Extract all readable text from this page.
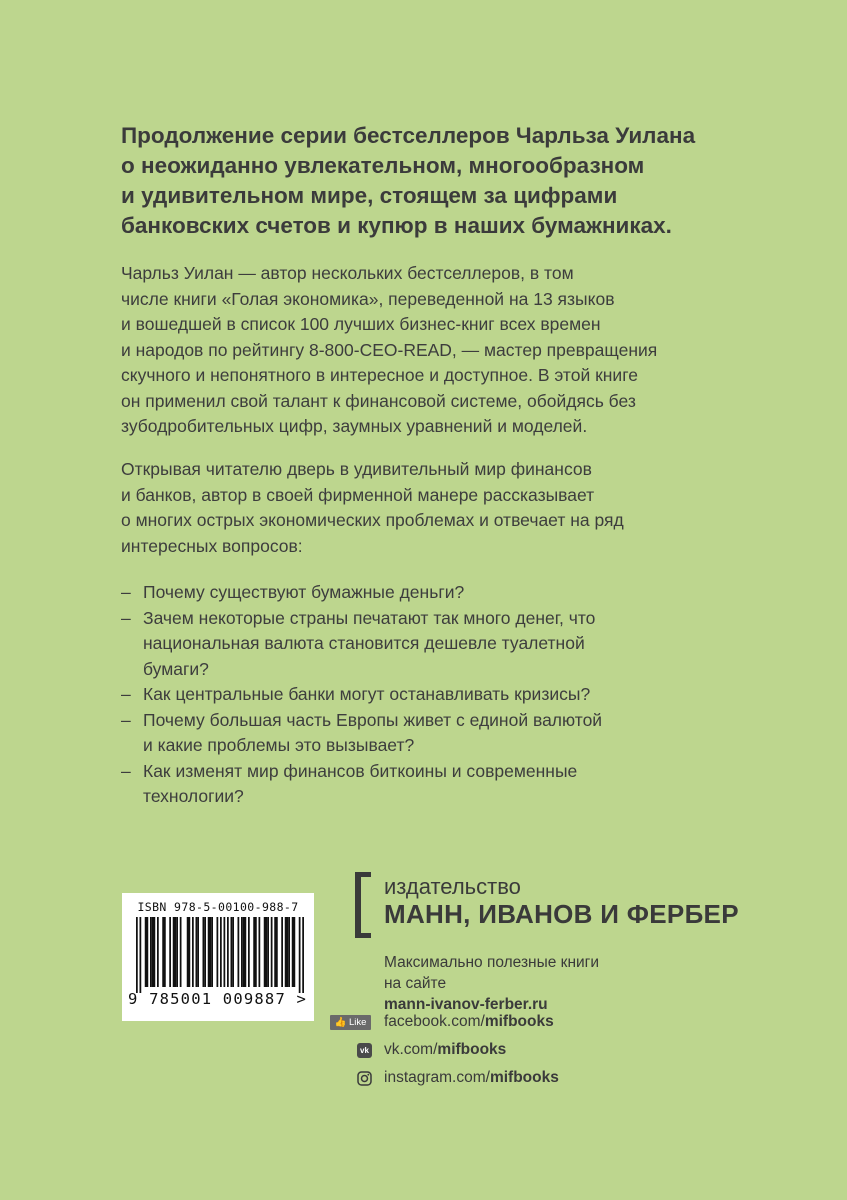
Продолжение серии бестселлеров Чарльза Уилана
о неожиданно увлекательном, многообразном
и удивительном мире, стоящем за цифрами
банковских счетов и купюр в наших бумажниках.
Чарльз Уилан — автор нескольких бестселлеров, в том
числе книги «Голая экономика», переведенной на 13 языков
и вошедшей в список 100 лучших бизнес-книг всех времен
и народов по рейтингу 8-800-CEO-READ, — мастер превращения
скучного и непонятного в интересное и доступное. В этой книге
он применил свой талант к финансовой системе, обойдясь без
зубодробительных цифр, заумных уравнений и моделей.
Открывая читателю дверь в удивительный мир финансов
и банков, автор в своей фирменной манере рассказывает
о многих острых экономических проблемах и отвечает на ряд
интересных вопросов:
– Почему существуют бумажные деньги?
– Зачем некоторые страны печатают так много денег, что
национальная валюта становится дешевле туалетной
бумаги?
– Как центральные банки могут останавливать кризисы?
– Почему большая часть Европы живет с единой валютой
и какие проблемы это вызывает?
– Как изменят мир финансов биткоины и современные
технологии?
ISBN 978-5-00100-988-7
9 785001 009887 >
издательство
МАНН, ИВАНОВ И ФЕРБЕР
Максимально полезные книги
на сайте
mann-ivanov-ferber.ru
👍 Like facebook.com/mifbooks
vk vk.com/mifbooks
instagram.com/mifbooks
